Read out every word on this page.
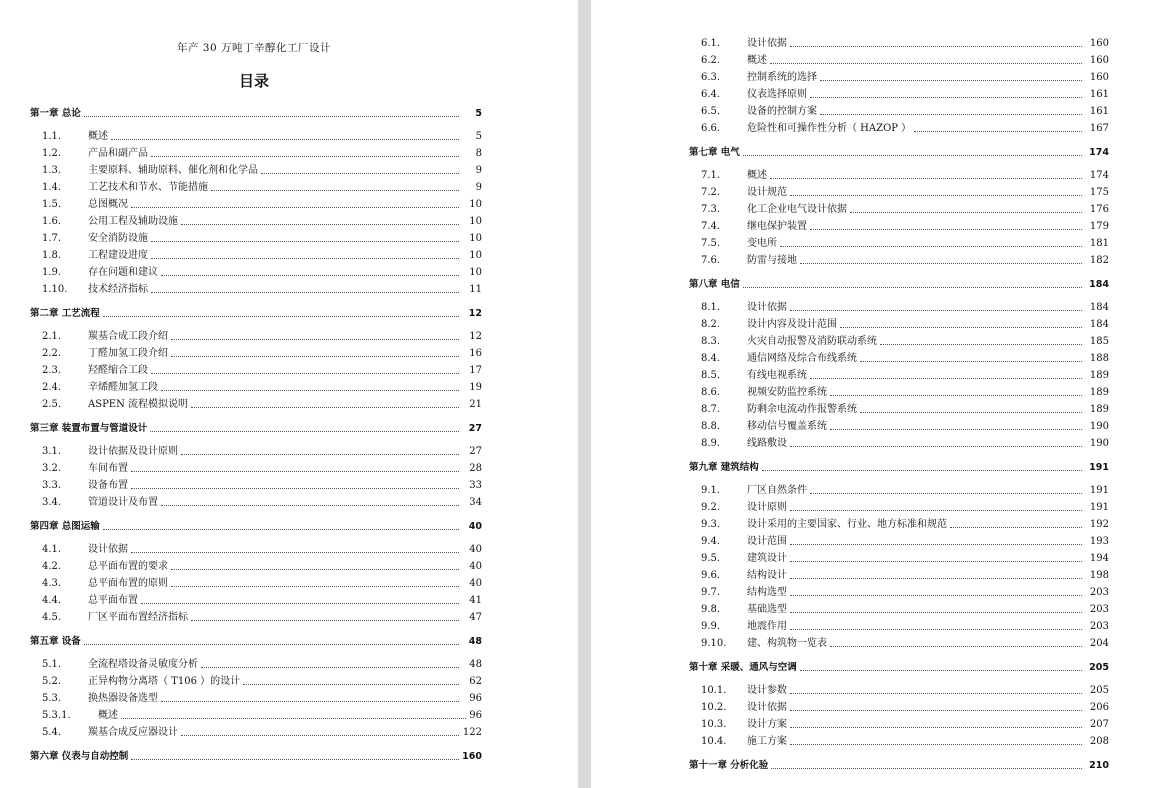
年产 30 万吨丁辛醇化工厂设计
目录
第一章 总论	5
1.1.	概述	5
1.2.	产品和副产品	8
1.3.	主要原料、辅助原料、催化剂和化学品	9
1.4.	工艺技术和节水、节能措施	9
1.5.	总图概况	10
1.6.	公用工程及辅助设施	10
1.7.	安全消防设施	10
1.8.	工程建设进度	10
1.9.	存在问题和建议	10
1.10.	技术经济指标	11
第二章 工艺流程	12
2.1.	羰基合成工段介绍	12
2.2.	丁醛加氢工段介绍	16
2.3.	羟醛缩合工段	17
2.4.	辛烯醛加氢工段	19
2.5.	ASPEN 流程模拟说明	21
第三章 装置布置与管道设计	27
3.1.	设计依据及设计原则	27
3.2.	车间布置	28
3.3.	设备布置	33
3.4.	管道设计及布置	34
第四章 总图运输	40
4.1.	设计依据	40
4.2.	总平面布置的要求	40
4.3.	总平面布置的原则	40
4.4.	总平面布置	41
4.5.	厂区平面布置经济指标	47
第五章 设备	48
5.1.	全流程塔设备灵敏度分析	48
5.2.	正异构物分离塔（ T106 ）的设计	62
5.3.	换热器设备选型	96
5.3.1.	概述	96
5.4.	羰基合成反应器设计	122
第六章 仪表与自动控制	160
6.1.	设计依据	160
6.2.	概述	160
6.3.	控制系统的选择	160
6.4.	仪表选择原则	161
6.5.	设备的控制方案	161
6.6.	危险性和可操作性分析（ HAZOP ）	167
第七章 电气	174
7.1.	概述	174
7.2.	设计规范	175
7.3.	化工企业电气设计依据	176
7.4.	继电保护装置	179
7.5.	变电所	181
7.6.	防雷与接地	182
第八章 电信	184
8.1.	设计依据	184
8.2.	设计内容及设计范围	184
8.3.	火灾自动报警及消防联动系统	185
8.4.	通信网络及综合布线系统	188
8.5.	有线电视系统	189
8.6.	视频安防监控系统	189
8.7.	防剩余电流动作报警系统	189
8.8.	移动信号覆盖系统	190
8.9.	线路敷设	190
第九章 建筑结构	191
9.1.	厂区自然条件	191
9.2.	设计原则	191
9.3.	设计采用的主要国家、行业、地方标准和规范	192
9.4.	设计范围	193
9.5.	建筑设计	194
9.6.	结构设计	198
9.7.	结构选型	203
9.8.	基础选型	203
9.9.	地震作用	203
9.10.	建、构筑物一览表	204
第十章 采暖、通风与空调	205
10.1.	设计参数	205
10.2.	设计依据	206
10.3.	设计方案	207
10.4.	施工方案	208
第十一章 分析化验	210
